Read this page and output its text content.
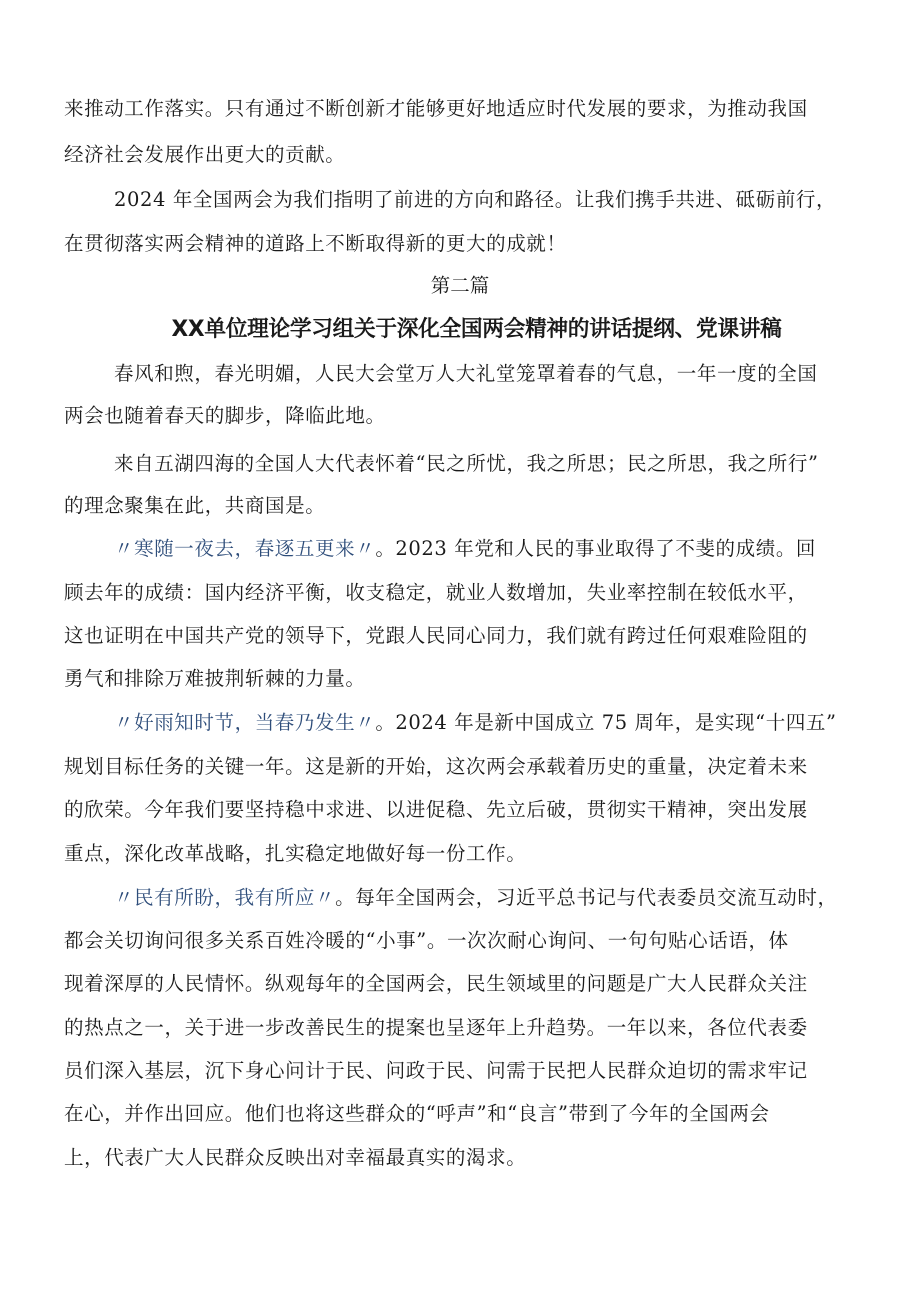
来推动工作落实。只有通过不断创新才能够更好地适应时代发展的要求，为推动我国
经济社会发展作出更大的贡献。
2024 年全国两会为我们指明了前进的方向和路径。让我们携手共进、砥砺前行，
在贯彻落实两会精神的道路上不断取得新的更大的成就！
第二篇
XX单位理论学习组关于深化全国两会精神的讲话提纲、党课讲稿
春风和煦，春光明媚，人民大会堂万人大礼堂笼罩着春的气息，一年一度的全国
两会也随着春天的脚步，降临此地。
来自五湖四海的全国人大代表怀着“民之所忧，我之所思；民之所思，我之所行”
的理念聚集在此，共商国是。
〃寒随一夜去，春逐五更来〃。2023 年党和人民的事业取得了不斐的成绩。回
顾去年的成绩：国内经济平衡，收支稳定，就业人数增加，失业率控制在较低水平，
这也证明在中国共产党的领导下，党跟人民同心同力，我们就有跨过任何艰难险阻的
勇气和排除万难披荆斩棘的力量。
〃好雨知时节，当春乃发生〃。2024 年是新中国成立 75 周年，是实现“十四五”
规划目标任务的关键一年。这是新的开始，这次两会承载着历史的重量，决定着未来
的欣荣。今年我们要坚持稳中求进、以进促稳、先立后破，贯彻实干精神，突出发展
重点，深化改革战略，扎实稳定地做好每一份工作。
〃民有所盼，我有所应〃。每年全国两会，习近平总书记与代表委员交流互动时，
都会关切询问很多关系百姓冷暖的“小事”。一次次耐心询问、一句句贴心话语，体
现着深厚的人民情怀。纵观每年的全国两会，民生领域里的问题是广大人民群众关注
的热点之一，关于进一步改善民生的提案也呈逐年上升趋势。一年以来，各位代表委
员们深入基层，沉下身心问计于民、问政于民、问需于民把人民群众迫切的需求牢记
在心，并作出回应。他们也将这些群众的“呼声”和“良言”带到了今年的全国两会
上，代表广大人民群众反映出对幸福最真实的渴求。
